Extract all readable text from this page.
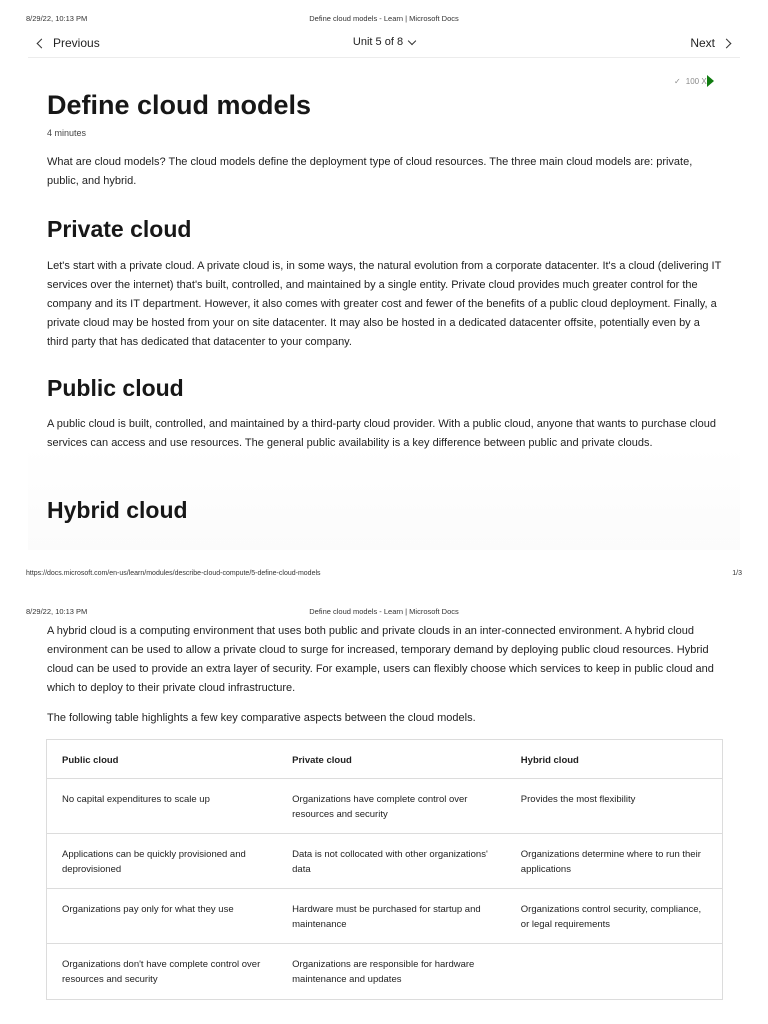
8/29/22, 10:13 PM	Define cloud models - Learn | Microsoft Docs
Previous	Unit 5 of 8	Next
✓ 100 XP
Define cloud models
4 minutes

What are cloud models? The cloud models define the deployment type of cloud resources. The three main cloud models are: private, public, and hybrid.

Private cloud

Let's start with a private cloud. A private cloud is, in some ways, the natural evolution from a corporate datacenter. It's a cloud (delivering IT services over the internet) that's built, controlled, and maintained by a single entity. Private cloud provides much greater control for the company and its IT department. However, it also comes with greater cost and fewer of the benefits of a public cloud deployment. Finally, a private cloud may be hosted from your on site datacenter. It may also be hosted in a dedicated datacenter offsite, potentially even by a third party that has dedicated that datacenter to your company.

Public cloud

A public cloud is built, controlled, and maintained by a third-party cloud provider. With a public cloud, anyone that wants to purchase cloud services can access and use resources. The general public availability is a key difference between public and private clouds.

Hybrid cloud
https://docs.microsoft.com/en-us/learn/modules/describe-cloud-compute/5-define-cloud-models	1/3
8/29/22, 10:13 PM	Define cloud models - Learn | Microsoft Docs

A hybrid cloud is a computing environment that uses both public and private clouds in an inter-connected environment. A hybrid cloud environment can be used to allow a private cloud to surge for increased, temporary demand by deploying public cloud resources. Hybrid cloud can be used to provide an extra layer of security. For example, users can flexibly choose which services to keep in public cloud and which to deploy to their private cloud infrastructure.

The following table highlights a few key comparative aspects between the cloud models.

Public cloud	Private cloud	Hybrid cloud
No capital expenditures to scale up	Organizations have complete control over resources and security	Provides the most flexibility
Applications can be quickly provisioned and deprovisioned	Data is not collocated with other organizations' data	Organizations determine where to run their applications
Organizations pay only for what they use	Hardware must be purchased for startup and maintenance	Organizations control security, compliance, or legal requirements
Organizations don't have complete control over resources and security	Organizations are responsible for hardware maintenance and updates	
